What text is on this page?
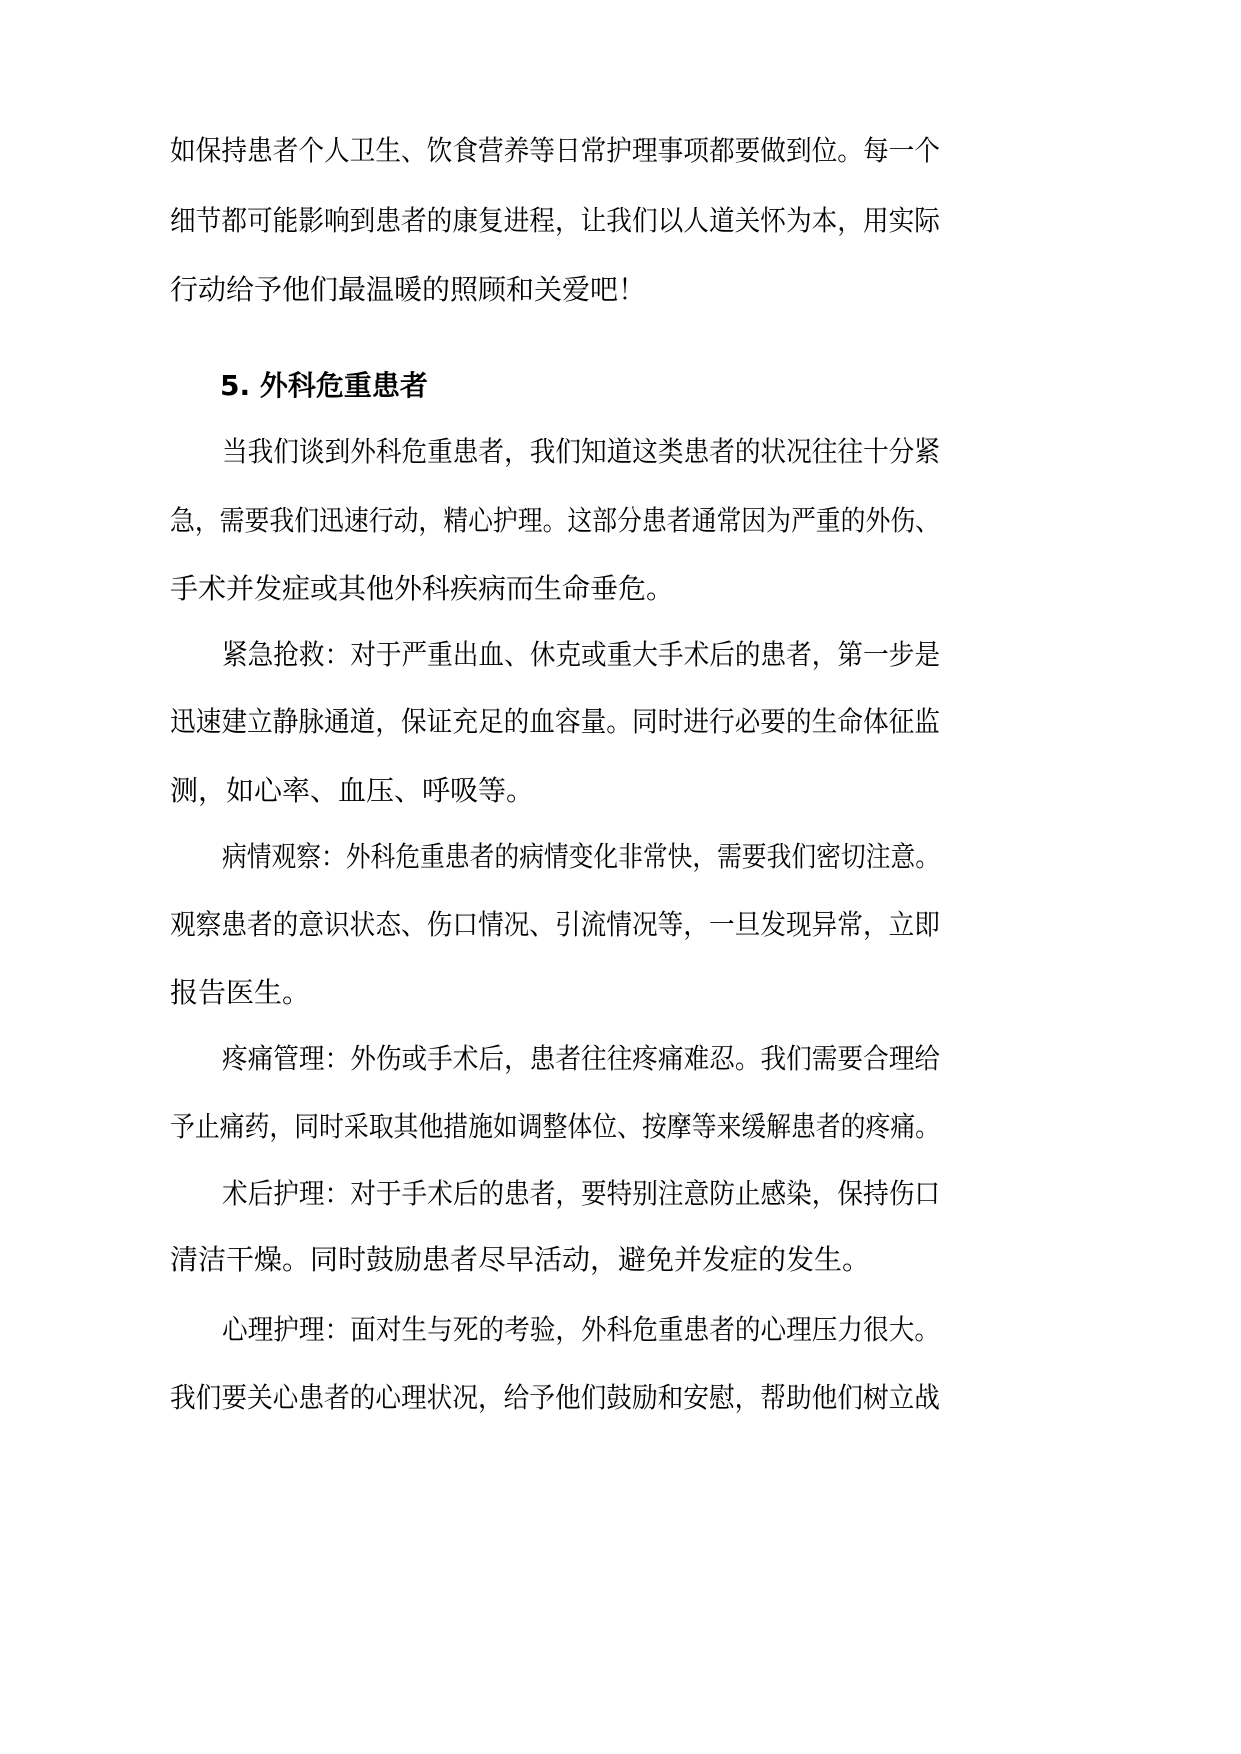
如保持患者个人卫生、饮食营养等日常护理事项都要做到位。每一个
细节都可能影响到患者的康复进程，让我们以人道关怀为本，用实际
行动给予他们最温暖的照顾和关爱吧！
5. 外科危重患者
当我们谈到外科危重患者，我们知道这类患者的状况往往十分紧
急，需要我们迅速行动，精心护理。这部分患者通常因为严重的外伤、
手术并发症或其他外科疾病而生命垂危。
紧急抢救：对于严重出血、休克或重大手术后的患者，第一步是
迅速建立静脉通道，保证充足的血容量。同时进行必要的生命体征监
测，如心率、血压、呼吸等。
病情观察：外科危重患者的病情变化非常快，需要我们密切注意。
观察患者的意识状态、伤口情况、引流情况等，一旦发现异常，立即
报告医生。
疼痛管理：外伤或手术后，患者往往疼痛难忍。我们需要合理给
予止痛药，同时采取其他措施如调整体位、按摩等来缓解患者的疼痛。
术后护理：对于手术后的患者，要特别注意防止感染，保持伤口
清洁干燥。同时鼓励患者尽早活动，避免并发症的发生。
心理护理：面对生与死的考验，外科危重患者的心理压力很大。
我们要关心患者的心理状况，给予他们鼓励和安慰，帮助他们树立战
